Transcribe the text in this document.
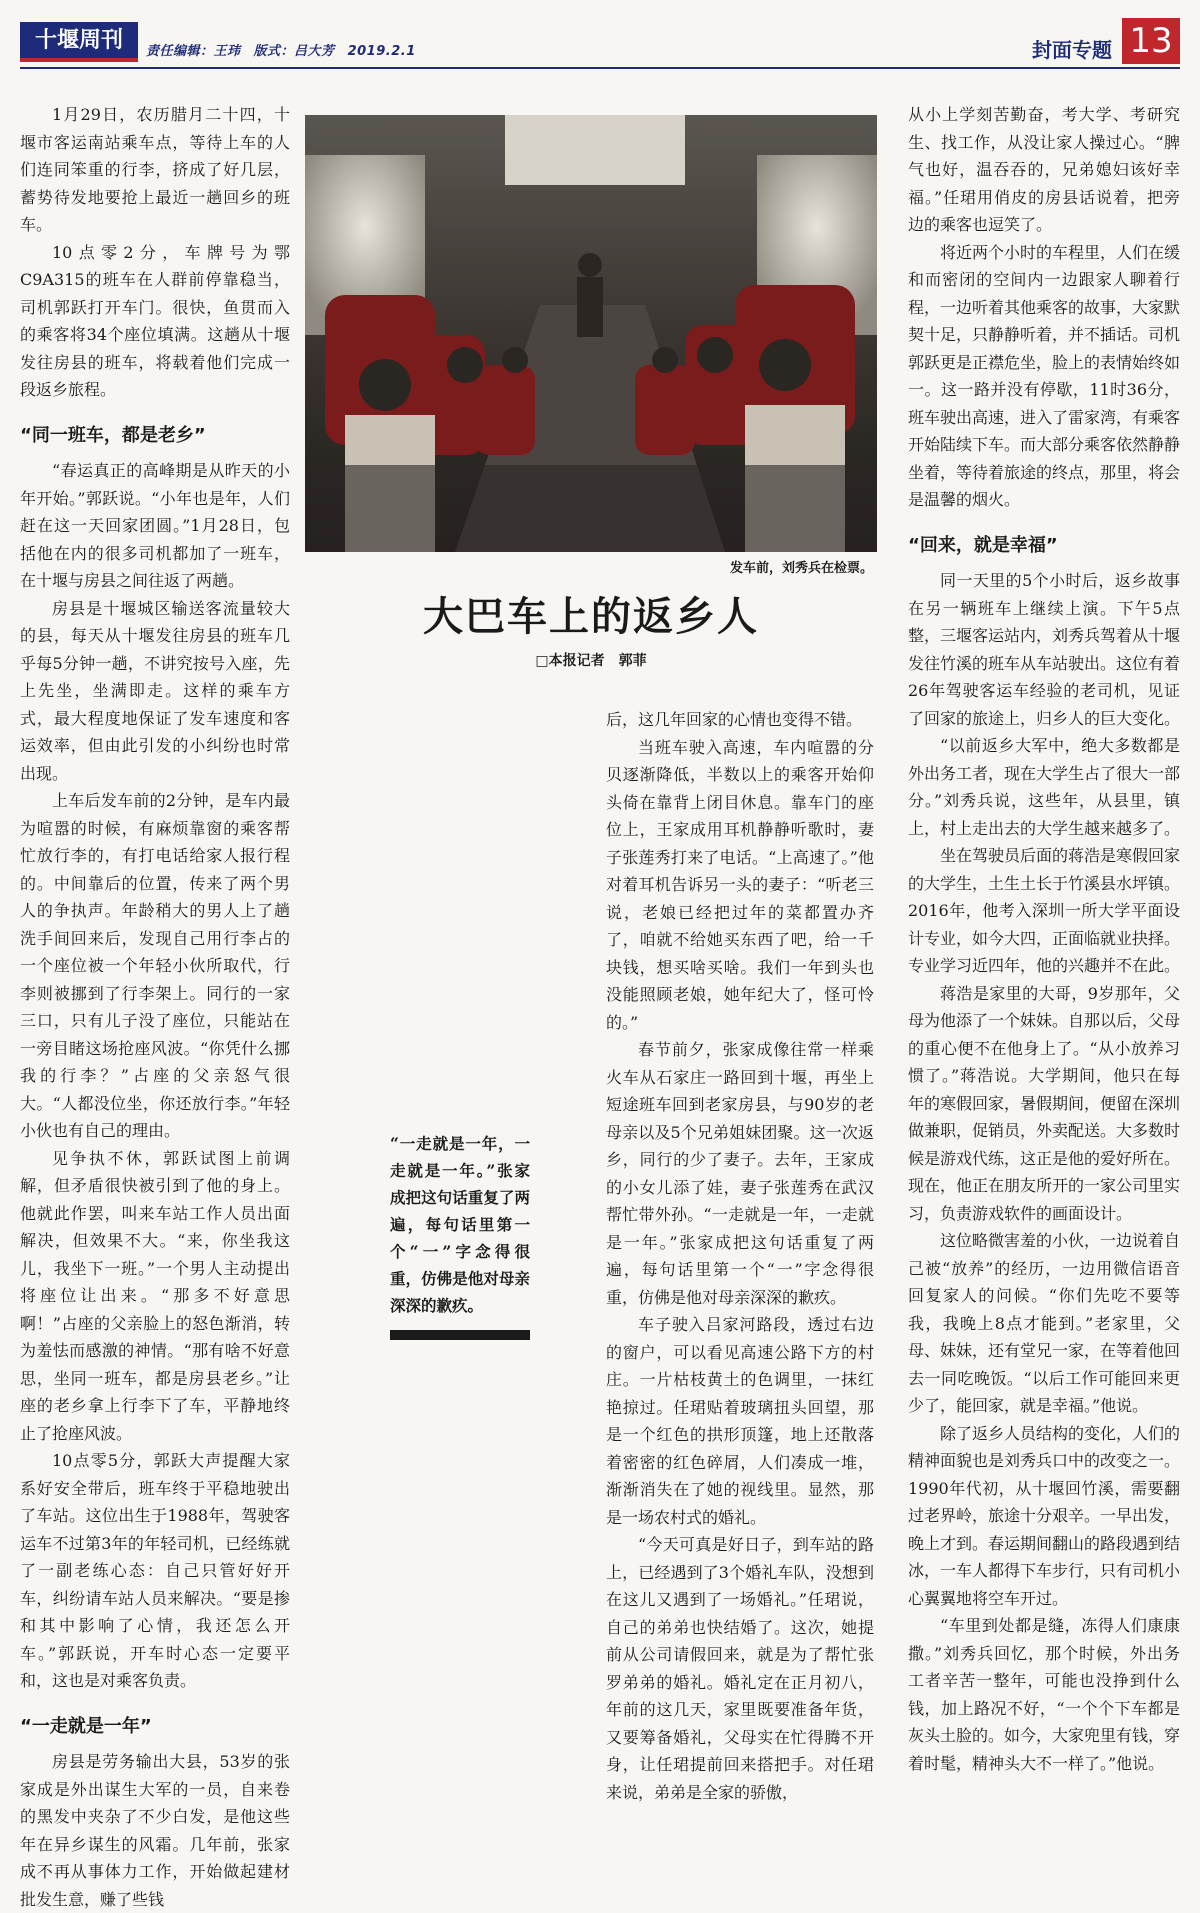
十堰周刊	责任编辑：王玮 版式：吕大芳 2019.2.1	封面专题 13

1月29日，农历腊月二十四，十堰市客运南站乘车点，等待上车的人们连同笨重的行李，挤成了好几层，蓄势待发地要抢上最近一趟回乡的班车。

10点零2分，车牌号为鄂C9A315的班车在人群前停靠稳当，司机郭跃打开车门。很快，鱼贯而入的乘客将34个座位填满。这趟从十堰发往房县的班车，将载着他们完成一段返乡旅程。

“同一班车，都是老乡”

“春运真正的高峰期是从昨天的小年开始。”郭跃说。“小年也是年，人们赶在这一天回家团圆。”1月28日，包括他在内的很多司机都加了一班车，在十堰与房县之间往返了两趟。

房县是十堰城区输送客流量较大的县，每天从十堰发往房县的班车几乎每5分钟一趟，不讲究按号入座，先上先坐，坐满即走。这样的乘车方式，最大程度地保证了发车速度和客运效率，但由此引发的小纠纷也时常出现。

上车后发车前的2分钟，是车内最为喧嚣的时候，有麻烦靠窗的乘客帮忙放行李的，有打电话给家人报行程的。中间靠后的位置，传来了两个男人的争执声。年龄稍大的男人上了趟洗手间回来后，发现自己用行李占的一个座位被一个年轻小伙所取代，行李则被挪到了行李架上。同行的一家三口，只有儿子没了座位，只能站在一旁目睹这场抢座风波。“你凭什么挪我的行李？”占座的父亲怒气很大。“人都没位坐，你还放行李。”年轻小伙也有自己的理由。

见争执不休，郭跃试图上前调解，但矛盾很快被引到了他的身上。他就此作罢，叫来车站工作人员出面解决，但效果不大。“来，你坐我这儿，我坐下一班。”一个男人主动提出将座位让出来。“那多不好意思啊！”占座的父亲脸上的怒色渐消，转为羞怯而感激的神情。“那有啥不好意思，坐同一班车，都是房县老乡。”让座的老乡拿上行李下了车，平静地终止了抢座风波。

10点零5分，郭跃大声提醒大家系好安全带后，班车终于平稳地驶出了车站。这位出生于1988年，驾驶客运车不过第3年的年轻司机，已经练就了一副老练心态：自己只管好好开车，纠纷请车站人员来解决。“要是掺和其中影响了心情，我还怎么开车。”郭跃说，开车时心态一定要平和，这也是对乘客负责。

“一走就是一年”

房县是劳务输出大县，53岁的张家成是外出谋生大军的一员，自来卷的黑发中夹杂了不少白发，是他这些年在异乡谋生的风霜。几年前，张家成不再从事体力工作，开始做起建材批发生意，赚了些钱

发车前，刘秀兵在检票。
大巴车上的返乡人
□本报记者　郭菲
“一走就是一年，一走就是一年。”张家成把这句话重复了两遍，每句话里第一个“一”字念得很重，仿佛是他对母亲深深的歉疚。

后，这几年回家的心情也变得不错。

当班车驶入高速，车内喧嚣的分贝逐渐降低，半数以上的乘客开始仰头倚在靠背上闭目休息。靠车门的座位上，王家成用耳机静静听歌时，妻子张莲秀打来了电话。“上高速了。”他对着耳机告诉另一头的妻子：“听老三说，老娘已经把过年的菜都置办齐了，咱就不给她买东西了吧，给一千块钱，想买啥买啥。我们一年到头也没能照顾老娘，她年纪大了，怪可怜的。”

春节前夕，张家成像往常一样乘火车从石家庄一路回到十堰，再坐上短途班车回到老家房县，与90岁的老母亲以及5个兄弟姐妹团聚。这一次返乡，同行的少了妻子。去年，王家成的小女儿添了娃，妻子张莲秀在武汉帮忙带外孙。“一走就是一年，一走就是一年。”张家成把这句话重复了两遍，每句话里第一个“一”字念得很重，仿佛是他对母亲深深的歉疚。

车子驶入吕家河路段，透过右边的窗户，可以看见高速公路下方的村庄。一片枯枝黄土的色调里，一抹红艳掠过。任珺贴着玻璃扭头回望，那是一个红色的拱形顶篷，地上还散落着密密的红色碎屑，人们凑成一堆，渐渐消失在了她的视线里。显然，那是一场农村式的婚礼。

“今天可真是好日子，到车站的路上，已经遇到了3个婚礼车队，没想到在这儿又遇到了一场婚礼。”任珺说，自己的弟弟也快结婚了。这次，她提前从公司请假回来，就是为了帮忙张罗弟弟的婚礼。婚礼定在正月初八，年前的这几天，家里既要准备年货，又要筹备婚礼，父母实在忙得腾不开身，让任珺提前回来搭把手。对任珺来说，弟弟是全家的骄傲，

从小上学刻苦勤奋，考大学、考研究生、找工作，从没让家人操过心。“脾气也好，温吞吞的，兄弟媳妇该好幸福。”任珺用俏皮的房县话说着，把旁边的乘客也逗笑了。

将近两个小时的车程里，人们在缓和而密闭的空间内一边跟家人聊着行程，一边听着其他乘客的故事，大家默契十足，只静静听着，并不插话。司机郭跃更是正襟危坐，脸上的表情始终如一。这一路并没有停歇，11时36分，班车驶出高速，进入了雷家湾，有乘客开始陆续下车。而大部分乘客依然静静坐着，等待着旅途的终点，那里，将会是温馨的烟火。

“回来，就是幸福”

同一天里的5个小时后，返乡故事在另一辆班车上继续上演。下午5点整，三堰客运站内，刘秀兵驾着从十堰发往竹溪的班车从车站驶出。这位有着26年驾驶客运车经验的老司机，见证了回家的旅途上，归乡人的巨大变化。

“以前返乡大军中，绝大多数都是外出务工者，现在大学生占了很大一部分。”刘秀兵说，这些年，从县里，镇上，村上走出去的大学生越来越多了。

坐在驾驶员后面的蒋浩是寒假回家的大学生，土生土长于竹溪县水坪镇。2016年，他考入深圳一所大学平面设计专业，如今大四，正面临就业抉择。专业学习近四年，他的兴趣并不在此。

蒋浩是家里的大哥，9岁那年，父母为他添了一个妹妹。自那以后，父母的重心便不在他身上了。“从小放养习惯了。”蒋浩说。大学期间，他只在每年的寒假回家，暑假期间，便留在深圳做兼职，促销员，外卖配送。大多数时候是游戏代练，这正是他的爱好所在。现在，他正在朋友所开的一家公司里实习，负责游戏软件的画面设计。

这位略微害羞的小伙，一边说着自己被“放养”的经历，一边用微信语音回复家人的问候。“你们先吃不要等我，我晚上8点才能到。”老家里，父母、妹妹，还有堂兄一家，在等着他回去一同吃晚饭。“以后工作可能回来更少了，能回家，就是幸福。”他说。

除了返乡人员结构的变化，人们的精神面貌也是刘秀兵口中的改变之一。1990年代初，从十堰回竹溪，需要翻过老界岭，旅途十分艰辛。一早出发，晚上才到。春运期间翻山的路段遇到结冰，一车人都得下车步行，只有司机小心翼翼地将空车开过。

“车里到处都是缝，冻得人们康康撒。”刘秀兵回忆，那个时候，外出务工者辛苦一整年，可能也没挣到什么钱，加上路况不好，“一个个下车都是灰头土脸的。如今，大家兜里有钱，穿着时髦，精神头大不一样了。”他说。
